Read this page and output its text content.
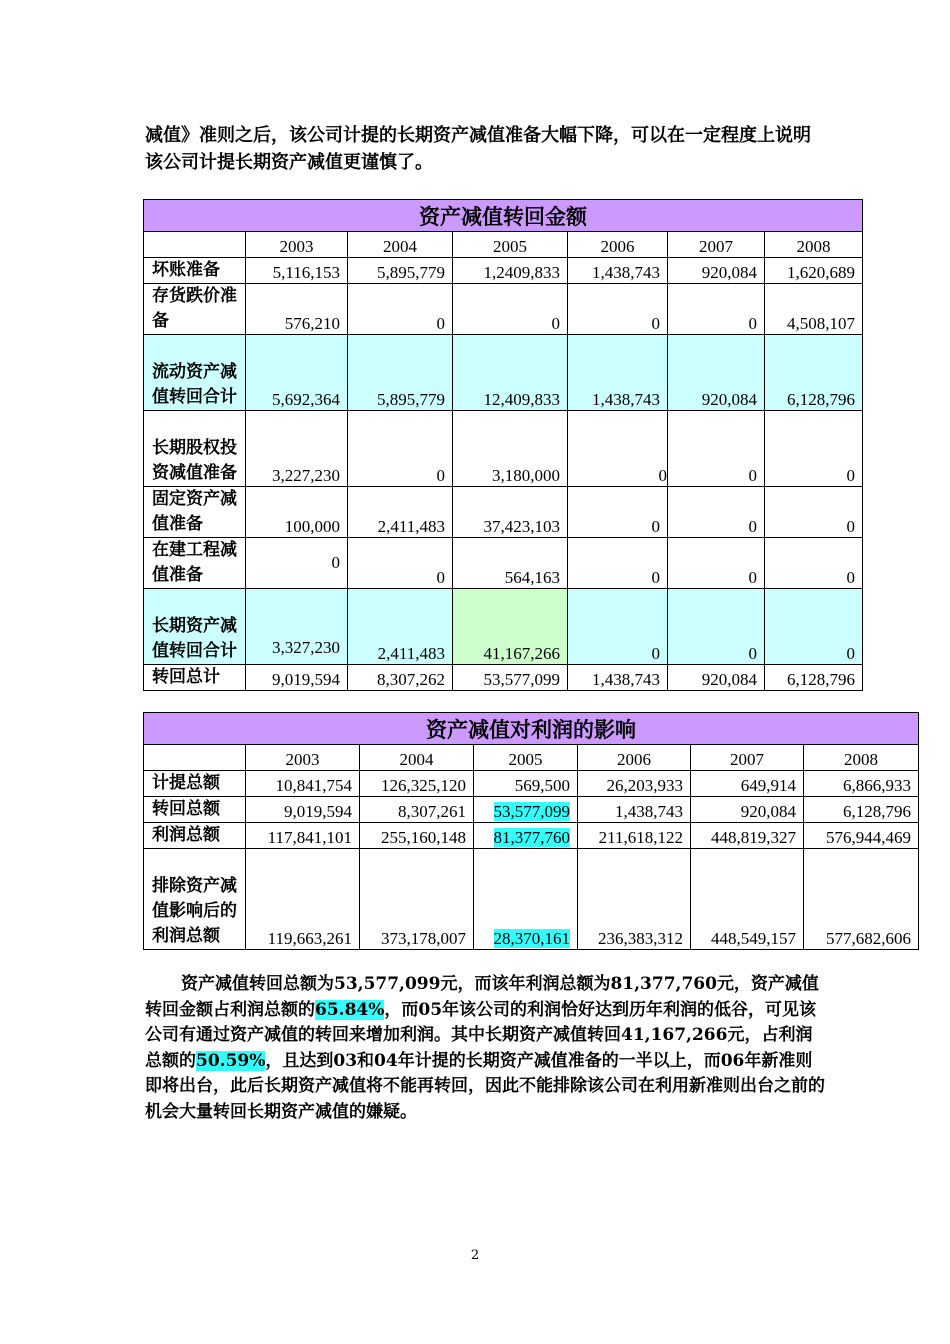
减值》准则之后，该公司计提的长期资产减值准备大幅下降，可以在一定程度上说明该公司计提长期资产减值更谨慎了。

资产减值转回金额						
	2003	2004	2005	2006	2007	2008
坏账准备	5,116,153	5,895,779	1,2409,833	1,438,743	920,084	1,620,689
存货跌价准备	576,210	0	0	0	0	4,508,107
流动资产减值转回合计	5,692,364	5,895,779	12,409,833	1,438,743	920,084	6,128,796
长期股权投资减值准备	3,227,230	0	3,180,000	0	0	0
固定资产减值准备	100,000	2,411,483	37,423,103	0	0	0
在建工程减值准备	0	0	564,163	0	0	0
长期资产减值转回合计	3,327,230	2,411,483	41,167,266	0	0	0
转回总计	9,019,594	8,307,262	53,577,099	1,438,743	920,084	6,128,796
资产减值对利润的影响						
	2003	2004	2005	2006	2007	2008
计提总额	10,841,754	126,325,120	569,500	26,203,933	649,914	6,866,933
转回总额	9,019,594	8,307,261	53,577,099	1,438,743	920,084	6,128,796
利润总额	117,841,101	255,160,148	81,377,760	211,618,122	448,819,327	576,944,469
排除资产减值影响后的利润总额	119,663,261	373,178,007	28,370,161	236,383,312	448,549,157	577,682,606

资产减值转回总额为53,577,099元，而该年利润总额为81,377,760元，资产减值转回金额占利润总额的65.84%，而05年该公司的利润恰好达到历年利润的低谷，可见该公司有通过资产减值的转回来增加利润。其中长期资产减值转回41,167,266元，占利润总额的50.59%，且达到03和04年计提的长期资产减值准备的一半以上，而06年新准则即将出台，此后长期资产减值将不能再转回，因此不能排除该公司在利用新准则出台之前的机会大量转回长期资产减值的嫌疑。

2
